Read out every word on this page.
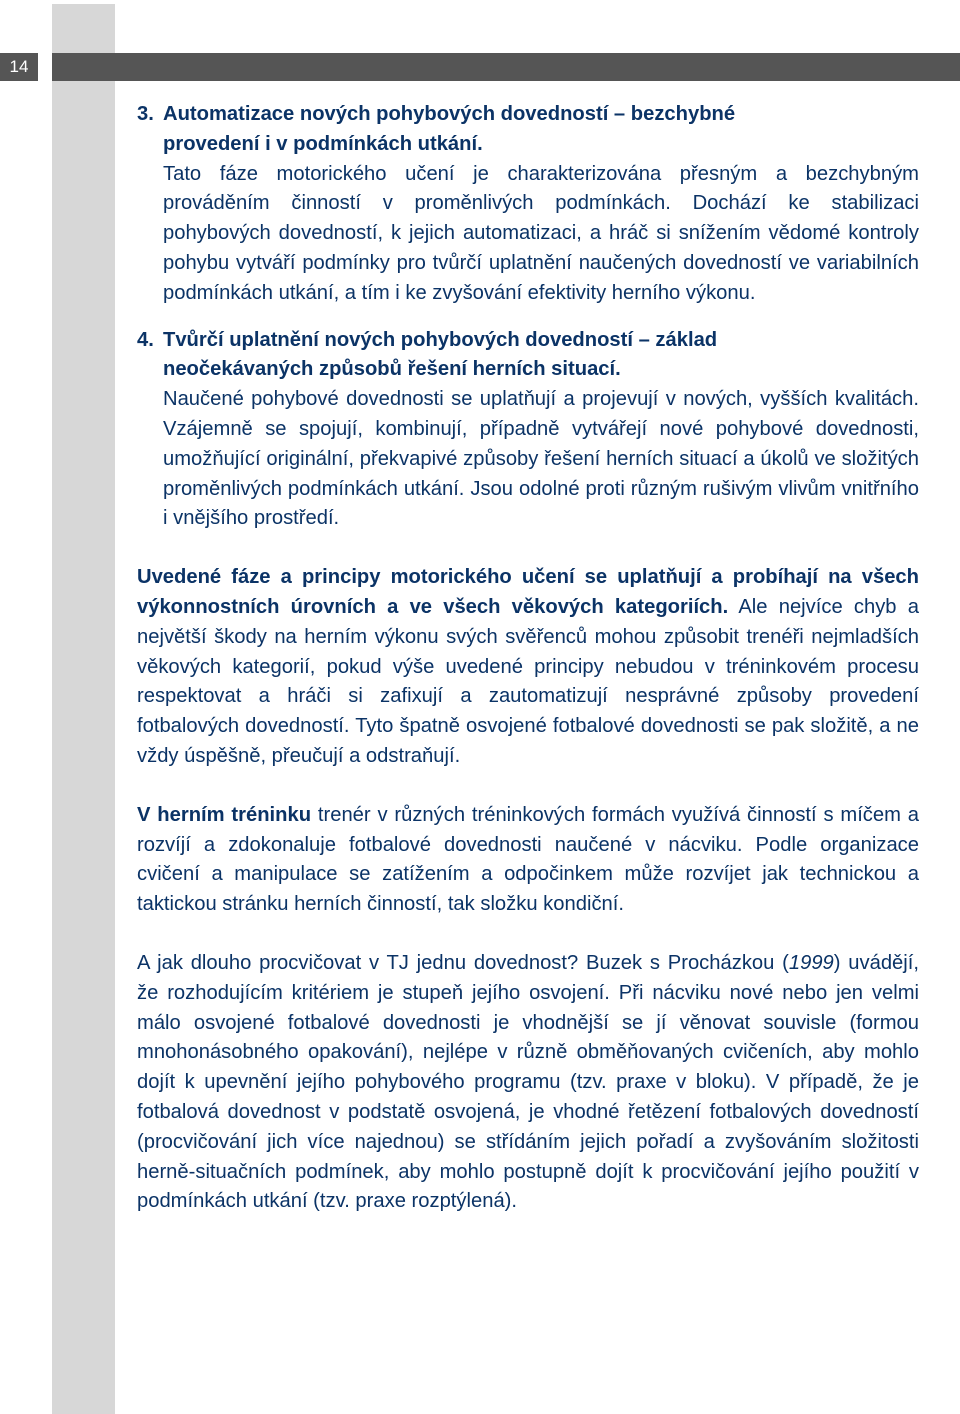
14
3. Automatizace nových pohybových dovedností – bezchybné
provedení i v podmínkách utkání.

Tato fáze motorického učení je charakterizována přesným a bezchybným prováděním činností v proměnlivých podmínkách. Dochází ke stabilizaci pohybových dovedností, k jejich automatizaci, a hráč si snížením vědomé kontroly pohybu vytváří podmínky pro tvůrčí uplatnění naučených dovedností ve variabilních podmínkách utkání, a tím i ke zvyšování efektivity herního výkonu.

4. Tvůrčí uplatnění nových pohybových dovedností – základ
neočekávaných způsobů řešení herních situací.

Naučené pohybové dovednosti se uplatňují a projevují v nových, vyšších kvalitách. Vzájemně se spojují, kombinují, případně vytvářejí nové pohybové dovednosti, umožňující originální, překvapivé způsoby řešení herních situací a úkolů ve složitých proměnlivých podmínkách utkání. Jsou odolné proti různým rušivým vlivům vnitřního i vnějšího prostředí.

Uvedené fáze a principy motorického učení se uplatňují a probíhají na všech výkonnostních úrovních a ve všech věkových kategoriích. Ale nejvíce chyb a největší škody na herním výkonu svých svěřenců mohou způsobit trenéři nejmladších věkových kategorií, pokud výše uvedené principy nebudou v tréninkovém procesu respektovat a hráči si zafixují a zautomatizují nesprávné způsoby provedení fotbalových dovedností. Tyto špatně osvojené fotbalové dovednosti se pak složitě, a ne vždy úspěšně, přeučují a odstraňují.

V herním tréninku trenér v různých tréninkových formách využívá činností s míčem a rozvíjí a zdokonaluje fotbalové dovednosti naučené v nácviku. Podle organizace cvičení a manipulace se zatížením a odpočinkem může rozvíjet jak technickou a taktickou stránku herních činností, tak složku kondiční.

A jak dlouho procvičovat v TJ jednu dovednost? Buzek s Procházkou (1999) uvádějí, že rozhodujícím kritériem je stupeň jejího osvojení. Při nácviku nové nebo jen velmi málo osvojené fotbalové dovednosti je vhodnější se jí věnovat souvisle (formou mnohonásobného opakování), nejlépe v různě obměňovaných cvičeních, aby mohlo dojít k upevnění jejího pohybového programu (tzv. praxe v bloku). V případě, že je fotbalová dovednost v podstatě osvojená, je vhodné řetězení fotbalových dovedností (procvičování jich více najednou) se střídáním jejich pořadí a zvyšováním složitosti herně-situačních podmínek, aby mohlo postupně dojít k procvičování jejího použití v podmínkách utkání (tzv. praxe rozptýlená).
